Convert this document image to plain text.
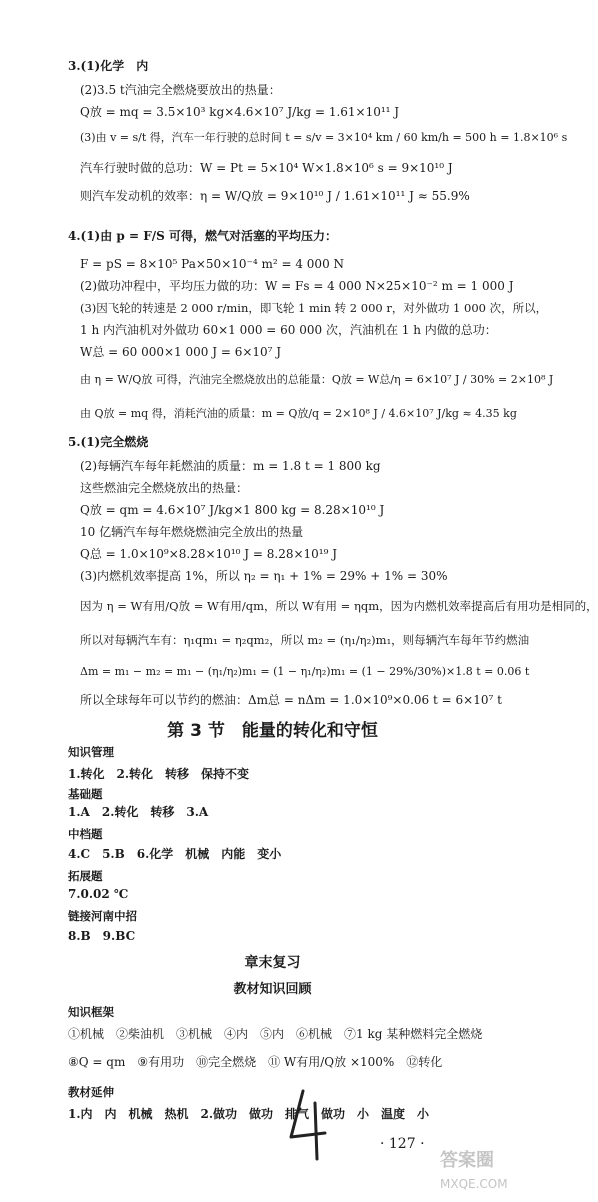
3.(1)化学　内
(2)3.5 t汽油完全燃烧要放出的热量：
Q放 = mq = 3.5×10³ kg×4.6×10⁷ J/kg = 1.61×10¹¹ J
(3)由 v = s/t 得，汽车一年行驶的总时间 t = s/v = 3×10⁴ km / 60 km/h = 500 h = 1.8×10⁶ s
汽车行驶时做的总功：W = Pt = 5×10⁴ W×1.8×10⁶ s = 9×10¹⁰ J
则汽车发动机的效率：η = W/Q放 = 9×10¹⁰ J / 1.61×10¹¹ J ≈ 55.9%
4.(1)由 p = F/S 可得，燃气对活塞的平均压力：
F = pS = 8×10⁵ Pa×50×10⁻⁴ m² = 4 000 N
(2)做功冲程中，平均压力做的功：W = Fs = 4 000 N×25×10⁻² m = 1 000 J
(3)因飞轮的转速是 2 000 r/min，即飞轮 1 min 转 2 000 r，对外做功 1 000 次，所以，
1 h 内汽油机对外做功 60×1 000 = 60 000 次，汽油机在 1 h 内做的总功：
W总 = 60 000×1 000 J = 6×10⁷ J
由 η = W/Q放 可得，汽油完全燃烧放出的总能量：Q放 = W总/η = 6×10⁷ J / 30% = 2×10⁸ J
由 Q放 = mq 得，消耗汽油的质量：m = Q放/q = 2×10⁸ J / 4.6×10⁷ J/kg ≈ 4.35 kg
5.(1)完全燃烧
(2)每辆汽车每年耗燃油的质量：m = 1.8 t = 1 800 kg
这些燃油完全燃烧放出的热量：
Q放 = qm = 4.6×10⁷ J/kg×1 800 kg = 8.28×10¹⁰ J
10 亿辆汽车每年燃烧燃油完全放出的热量
Q总 = 1.0×10⁹×8.28×10¹⁰ J = 8.28×10¹⁹ J
(3)内燃机效率提高 1%，所以 η₂ = η₁ + 1% = 29% + 1% = 30%
因为 η = W有用/Q放 = W有用/qm，所以 W有用 = ηqm，因为内燃机效率提高后有用功是相同的，
所以对每辆汽车有：η₁qm₁ = η₂qm₂，所以 m₂ = (η₁/η₂)m₁，则每辆汽车每年节约燃油
Δm = m₁ − m₂ = m₁ − (η₁/η₂)m₁ = (1 − η₁/η₂)m₁ = (1 − 29%/30%)×1.8 t = 0.06 t
所以全球每年可以节约的燃油：Δm总 = nΔm = 1.0×10⁹×0.06 t = 6×10⁷ t
第 3 节　能量的转化和守恒
知识管理
1.转化　2.转化　转移　保持不变
基础题
1.A　2.转化　转移　3.A
中档题
4.C　5.B　6.化学　机械　内能　变小
拓展题
7.0.02 ℃
链接河南中招
8.B　9.BC
章末复习
教材知识回顾
知识框架
①机械　②柴油机　③机械　④内　⑤内　⑥机械　⑦1 kg 某种燃料完全燃烧
⑧Q = qm　⑨有用功　⑩完全燃烧　⑪ W有用/Q放 ×100%　⑫转化
教材延伸
1.内　内　机械　热机　2.做功　做功　排气　做功　小　温度　小
· 127 ·
答案圈
MXQE.COM
